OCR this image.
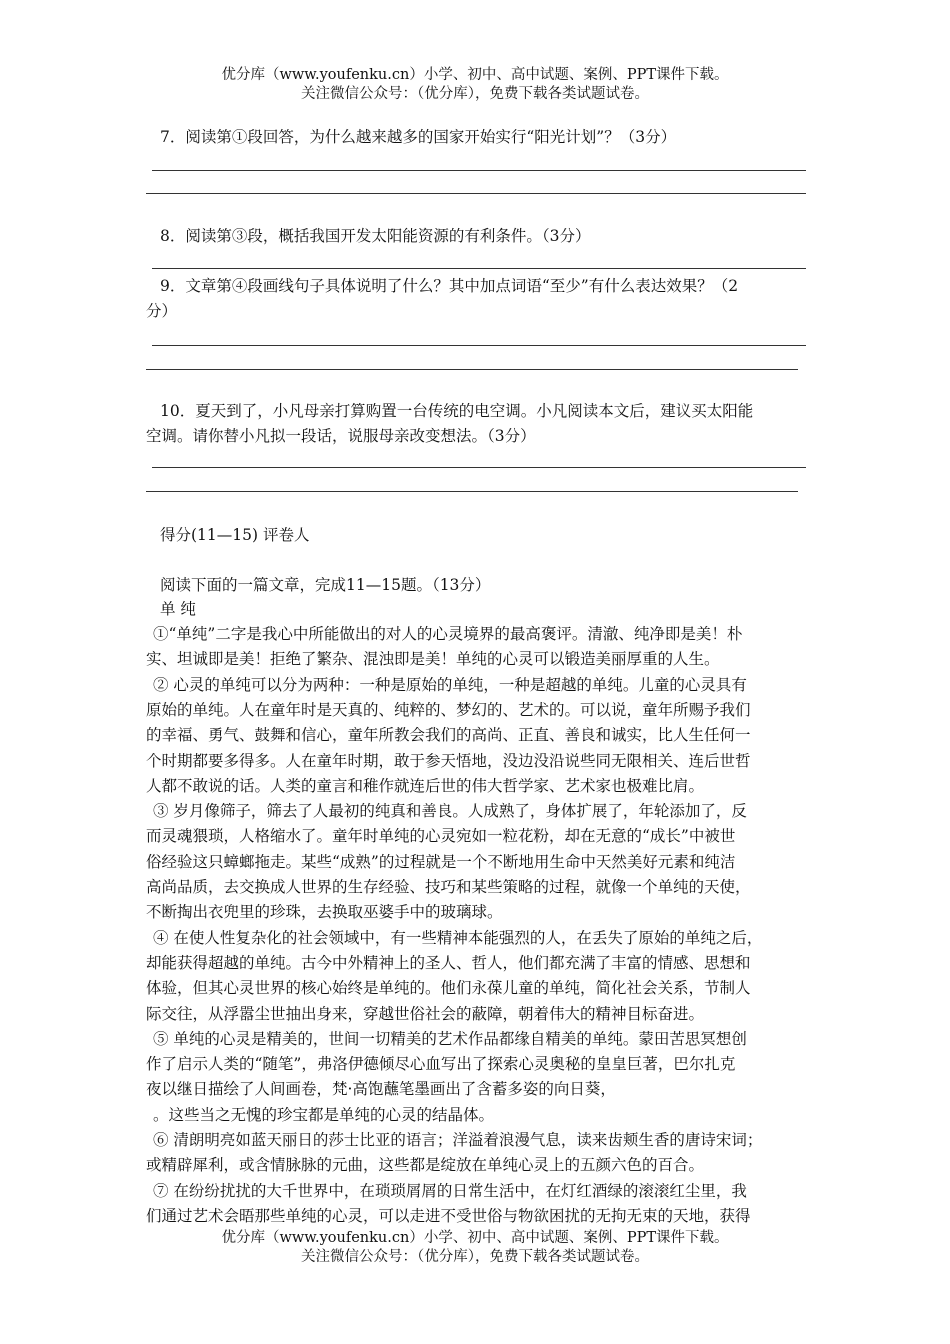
优分库（www.youfenku.cn）小学、初中、高中试题、案例、PPT课件下载。
关注微信公众号：（优分库），免费下载各类试题试卷。
7．阅读第①段回答，为什么越来越多的国家开始实行“阳光计划”？（3分）
8．阅读第③段，概括我国开发太阳能资源的有利条件。（3分）
9．文章第④段画线句子具体说明了什么？其中加点词语“至少”有什么表达效果？（2
分）
10．夏天到了，小凡母亲打算购置一台传统的电空调。小凡阅读本文后，建议买太阳能
空调。请你替小凡拟一段话，说服母亲改变想法。（3分）
得分(11—15) 评卷人
阅读下面的一篇文章，完成11—15题。（13分）
单 纯
①“单纯”二字是我心中所能做出的对人的心灵境界的最高褒评。清澈、纯净即是美！朴
实、坦诚即是美！拒绝了繁杂、混浊即是美！单纯的心灵可以锻造美丽厚重的人生。
② 心灵的单纯可以分为两种：一种是原始的单纯，一种是超越的单纯。儿童的心灵具有
原始的单纯。人在童年时是天真的、纯粹的、梦幻的、艺术的。可以说，童年所赐予我们
的幸福、勇气、鼓舞和信心，童年所教会我们的高尚、正直、善良和诚实，比人生任何一
个时期都要多得多。人在童年时期，敢于参天悟地，没边没沿说些同无限相关、连后世哲
人都不敢说的话。人类的童言和稚作就连后世的伟大哲学家、艺术家也极难比肩。
③ 岁月像筛子，筛去了人最初的纯真和善良。人成熟了，身体扩展了，年轮添加了，反
而灵魂猥琐，人格缩水了。童年时单纯的心灵宛如一粒花粉，却在无意的“成长”中被世
俗经验这只蟑螂拖走。某些“成熟”的过程就是一个不断地用生命中天然美好元素和纯洁
高尚品质，去交换成人世界的生存经验、技巧和某些策略的过程，就像一个单纯的天使，
不断掏出衣兜里的珍珠，去换取巫婆手中的玻璃球。
④ 在使人性复杂化的社会领域中，有一些精神本能强烈的人，在丢失了原始的单纯之后，
却能获得超越的单纯。古今中外精神上的圣人、哲人，他们都充满了丰富的情感、思想和
体验，但其心灵世界的核心始终是单纯的。他们永葆儿童的单纯，简化社会关系，节制人
际交往，从浮嚣尘世抽出身来，穿越世俗社会的蔽障，朝着伟大的精神目标奋进。
⑤ 单纯的心灵是精美的，世间一切精美的艺术作品都缘自精美的单纯。蒙田苦思冥想创
作了启示人类的“随笔”，弗洛伊德倾尽心血写出了探索心灵奥秘的皇皇巨著，巴尔扎克
夜以继日描绘了人间画卷，梵·高饱蘸笔墨画出了含蓄多姿的向日葵，
。这些当之无愧的珍宝都是单纯的心灵的结晶体。
⑥ 清朗明亮如蓝天丽日的莎士比亚的语言；洋溢着浪漫气息，读来齿颊生香的唐诗宋词；
或精辟犀利，或含情脉脉的元曲，这些都是绽放在单纯心灵上的五颜六色的百合。
⑦ 在纷纷扰扰的大千世界中，在琐琐屑屑的日常生活中，在灯红酒绿的滚滚红尘里，我
们通过艺术会晤那些单纯的心灵，可以走进不受世俗与物欲困扰的无拘无束的天地，获得
优分库（www.youfenku.cn）小学、初中、高中试题、案例、PPT课件下载。
关注微信公众号：（优分库），免费下载各类试题试卷。
